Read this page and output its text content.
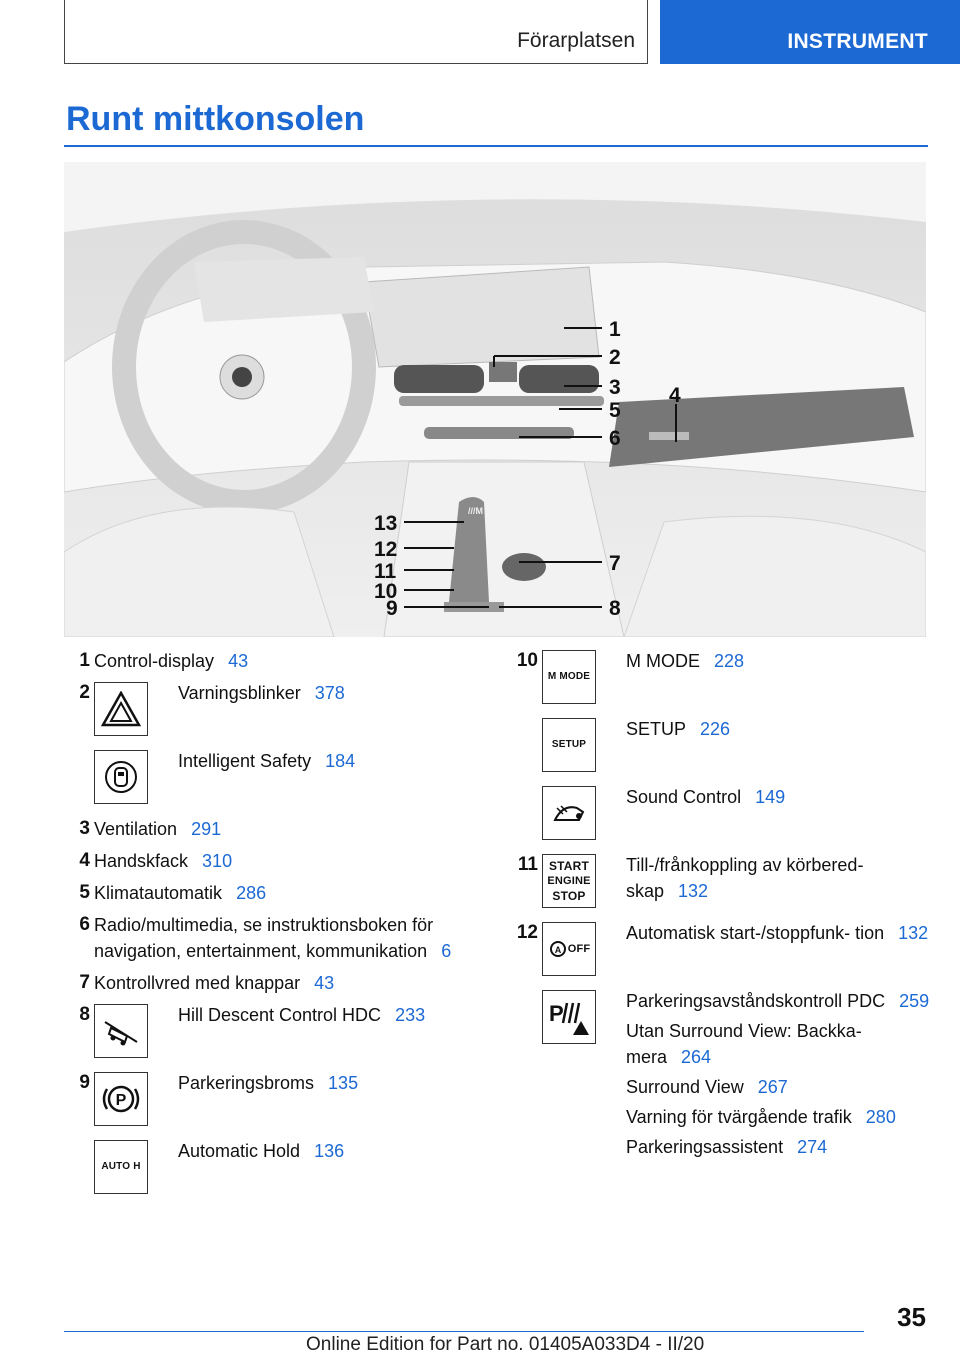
Förarplatsen	INSTRUMENT
Runt mittkonsolen
///M
1
2
3 4
5
6
7
8
9
10
11
12
13
1 Control-display 43
2	Varningsblinker 378
Intelligent Safety 184
3 Ventilation 291
4 Handskfack 310
5 Klimatautomatik 286
6 Radio/multimedia, se instruktionsboken för navigation, entertainment, kommunikation 6
7 Kontrollvred med knappar 43
8	Hill Descent Control HDC 233
9
P
Parkeringsbroms 135
AUTO H
Automatic Hold 136
10
M MODE
M MODE 228
SETUP
SETUP 226
Sound Control 149
11 START
ENGINE
STOP
Till-/frånkoppling av körbered- skap 132
12
A OFF
Automatisk start-/stoppfunk- tion 132
P	Parkeringsavståndskontroll PDC 259
Utan Surround View: Backka- mera 264
Surround View 267
Varning för tvärgående trafik 280
Parkeringsassistent 274
35
Online Edition for Part no. 01405A033D4 - II/20
